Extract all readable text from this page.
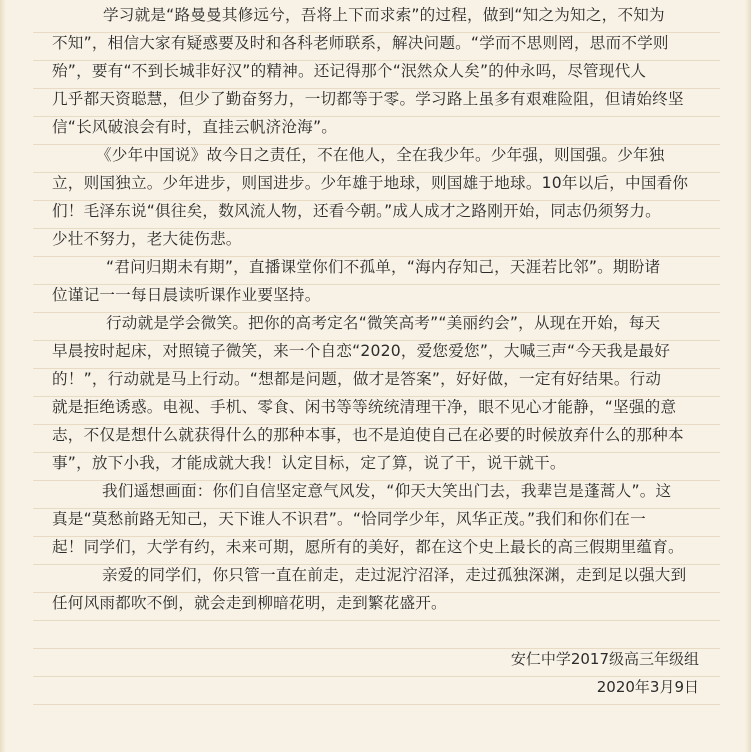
学习就是“路曼曼其修远兮，吾将上下而求索”的过程，做到“知之为知之，不知为
不知”，相信大家有疑惑要及时和各科老师联系，解决问题。“学而不思则罔，思而不学则
殆”，要有“不到长城非好汉”的精神。还记得那个“泯然众人矣”的仲永吗，尽管现代人
几乎都天资聪慧，但少了勤奋努力，一切都等于零。学习路上虽多有艰难险阻，但请始终坚
信“长风破浪会有时，直挂云帆济沧海”。
《少年中国说》故今日之责任，不在他人，全在我少年。少年强，则国强。少年独
立，则国独立。少年进步，则国进步。少年雄于地球，则国雄于地球。10年以后，中国看你
们！毛泽东说“俱往矣，数风流人物，还看今朝。”成人成才之路刚开始，同志仍须努力。
少壮不努力，老大徒伤悲。
“君问归期未有期”，直播课堂你们不孤单，“海内存知己，天涯若比邻”。期盼诸
位谨记一一每日晨读听课作业要坚持。
行动就是学会微笑。把你的高考定名“微笑高考”“美丽约会”，从现在开始，每天
早晨按时起床，对照镜子微笑，来一个自恋“2020，爱您爱您”，大喊三声“今天我是最好
的！”，行动就是马上行动。“想都是问题，做才是答案”，好好做，一定有好结果。行动
就是拒绝诱惑。电视、手机、零食、闲书等等统统清理干净，眼不见心才能静，“坚强的意
志，不仅是想什么就获得什么的那种本事，也不是迫使自己在必要的时候放弃什么的那种本
事”，放下小我，才能成就大我！认定目标，定了算，说了干，说干就干。
我们遥想画面：你们自信坚定意气风发，“仰天大笑出门去，我辈岂是蓬蒿人”。这
真是“莫愁前路无知己，天下谁人不识君”。“恰同学少年，风华正茂。”我们和你们在一
起！同学们，大学有约，未来可期，愿所有的美好，都在这个史上最长的高三假期里蕴育。
亲爱的同学们，你只管一直在前走，走过泥泞沼泽，走过孤独深渊，走到足以强大到
任何风雨都吹不倒，就会走到柳暗花明，走到繁花盛开。
安仁中学2017级高三年级组
2020年3月9日
